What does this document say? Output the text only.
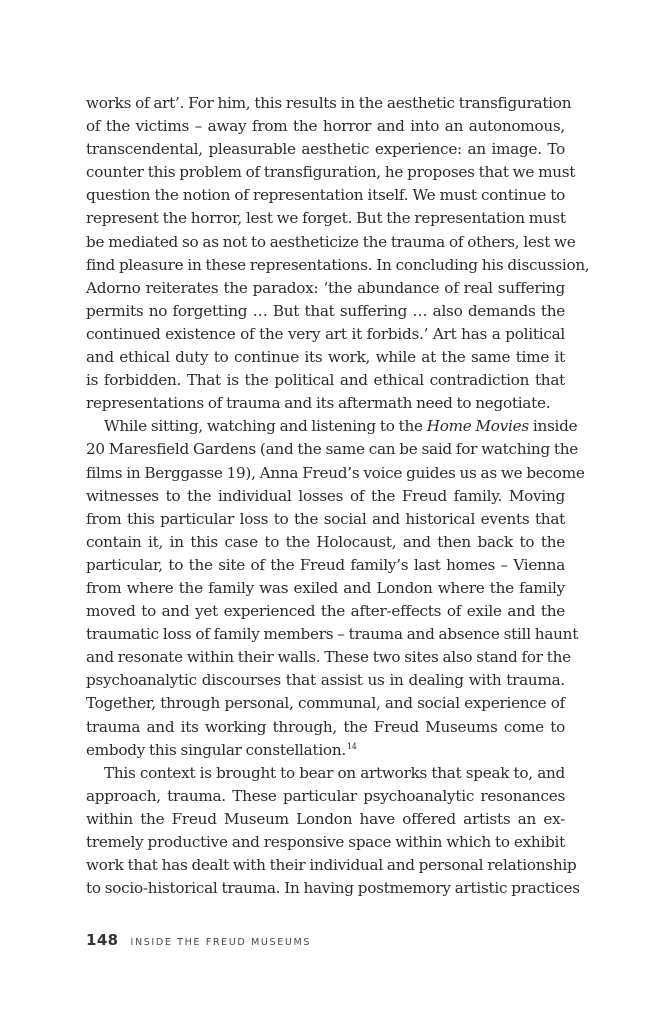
works of art’. For him, this results in the aesthetic transfiguration
of the victims – away from the horror and into an autonomous,
transcendental, pleasurable aesthetic experience: an image. To
counter this problem of transfiguration, he proposes that we must
question the notion of representation itself. We must continue to
represent the horror, lest we forget. But the representation must
be mediated so as not to aestheticize the trauma of others, lest we
find pleasure in these representations. In concluding his discussion,
Adorno reiterates the paradox: ‘the abundance of real suffering
permits no forgetting … But that suffering … also demands the
continued existence of the very art it forbids.’ Art has a political
and ethical duty to continue its work, while at the same time it
is forbidden. That is the political and ethical contradiction that
representations of trauma and its aftermath need to negotiate.
While sitting, watching and listening to the Home Movies inside
20 Maresfield Gardens (and the same can be said for watching the
films in Berggasse 19), Anna Freud’s voice guides us as we become
witnesses to the individual losses of the Freud family. Moving
from this particular loss to the social and historical events that
contain it, in this case to the Holocaust, and then back to the
particular, to the site of the Freud family’s last homes – Vienna
from where the family was exiled and London where the family
moved to and yet experienced the after-effects of exile and the
traumatic loss of family members – trauma and absence still haunt
and resonate within their walls. These two sites also stand for the
psychoanalytic discourses that assist us in dealing with trauma.
Together, through personal, communal, and social experience of
trauma and its working through, the Freud Museums come to
embody this singular constellation.$^{14}$
This context is brought to bear on artworks that speak to, and
approach, trauma. These particular psychoanalytic resonances
within the Freud Museum London have offered artists an ex-
tremely productive and responsive space within which to exhibit
work that has dealt with their individual and personal relationship
to socio-historical trauma. In having postmemory artistic practices
148 INSIDE THE FREUD MUSEUMS
